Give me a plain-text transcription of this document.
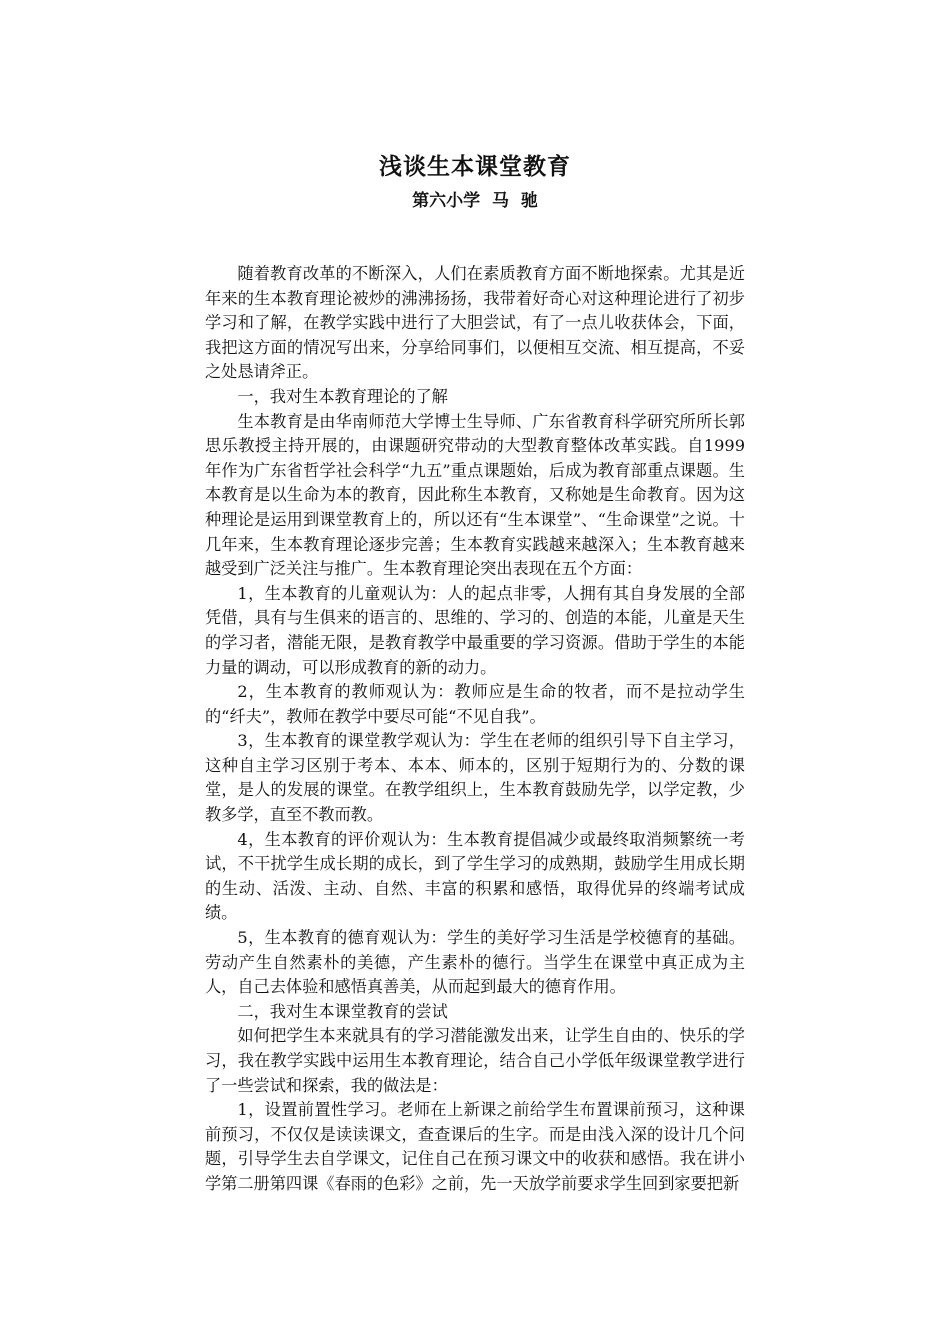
浅谈生本课堂教育
第六小学  马  驰

随着教育改革的不断深入，人们在素质教育方面不断地探索。尤其是近年来的生本教育理论被炒的沸沸扬扬，我带着好奇心对这种理论进行了初步学习和了解，在教学实践中进行了大胆尝试，有了一点儿收获体会，下面，我把这方面的情况写出来，分享给同事们，以便相互交流、相互提高，不妥之处恳请斧正。

一，我对生本教育理论的了解

生本教育是由华南师范大学博士生导师、广东省教育科学研究所所长郭思乐教授主持开展的，由课题研究带动的大型教育整体改革实践。自1999年作为广东省哲学社会科学“九五”重点课题始，后成为教育部重点课题。生本教育是以生命为本的教育，因此称生本教育，又称她是生命教育。因为这种理论是运用到课堂教育上的，所以还有“生本课堂”、“生命课堂”之说。十几年来，生本教育理论逐步完善；生本教育实践越来越深入；生本教育越来越受到广泛关注与推广。生本教育理论突出表现在五个方面：

1，生本教育的儿童观认为：人的起点非零，人拥有其自身发展的全部凭借，具有与生俱来的语言的、思维的、学习的、创造的本能，儿童是天生的学习者，潜能无限，是教育教学中最重要的学习资源。借助于学生的本能力量的调动，可以形成教育的新的动力。

2，生本教育的教师观认为：教师应是生命的牧者，而不是拉动学生的“纤夫”，教师在教学中要尽可能“不见自我”。

3，生本教育的课堂教学观认为：学生在老师的组织引导下自主学习，这种自主学习区别于考本、本本、师本的，区别于短期行为的、分数的课堂，是人的发展的课堂。在教学组织上，生本教育鼓励先学，以学定教，少教多学，直至不教而教。

4，生本教育的评价观认为：生本教育提倡减少或最终取消频繁统一考试，不干扰学生成长期的成长，到了学生学习的成熟期，鼓励学生用成长期的生动、活泼、主动、自然、丰富的积累和感悟，取得优异的终端考试成绩。

5，生本教育的德育观认为：学生的美好学习生活是学校德育的基础。劳动产生自然素朴的美德，产生素朴的德行。当学生在课堂中真正成为主人，自己去体验和感悟真善美，从而起到最大的德育作用。

二，我对生本课堂教育的尝试

如何把学生本来就具有的学习潜能激发出来，让学生自由的、快乐的学习，我在教学实践中运用生本教育理论，结合自己小学低年级课堂教学进行了一些尝试和探索，我的做法是：

1，设置前置性学习。老师在上新课之前给学生布置课前预习，这种课前预习，不仅仅是读读课文，查查课后的生字。而是由浅入深的设计几个问题，引导学生去自学课文，记住自己在预习课文中的收获和感悟。我在讲小学第二册第四课《春雨的色彩》之前，先一天放学前要求学生回到家要把新
